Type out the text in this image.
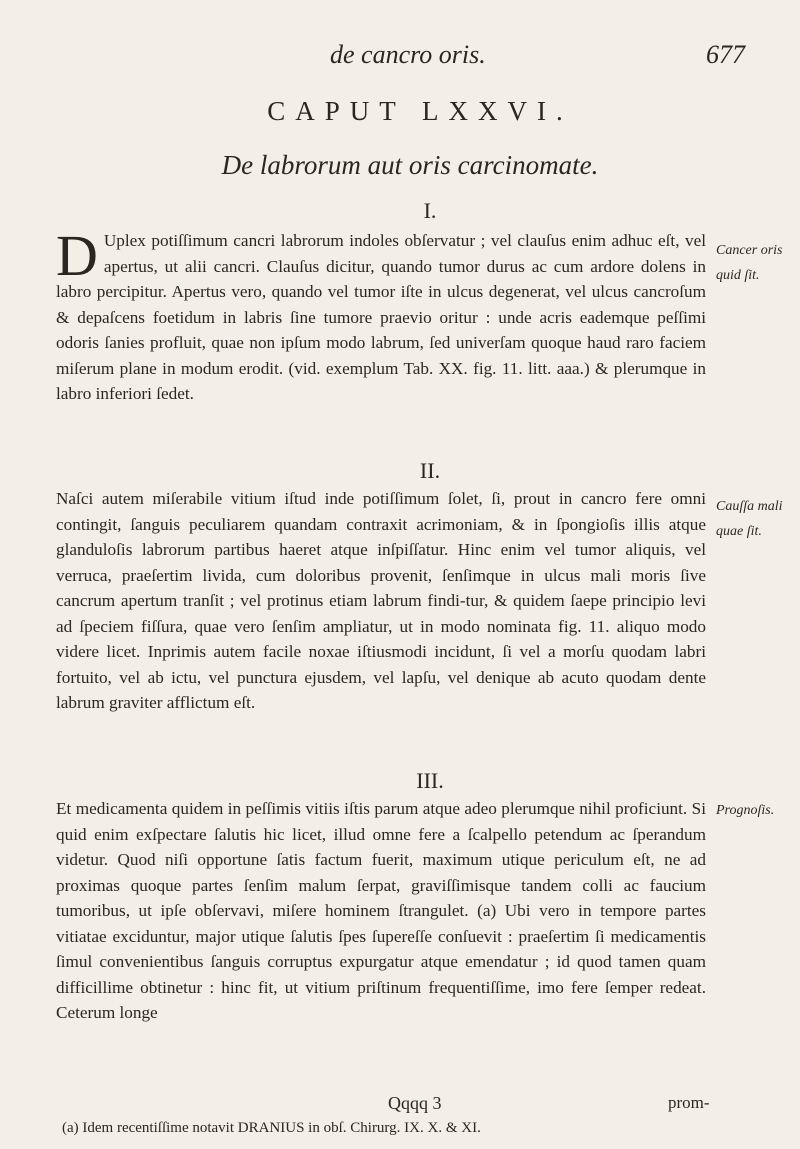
de cancro oris.	677
CAPUT LXXVI.
De labrorum aut oris carcinomate.
I.

D Uplex potiſſimum cancri labrorum indoles obſervatur ; vel clauſus enim adhuc eſt, vel apertus, ut alii cancri. Clauſus dicitur, quando tumor durus ac cum ardore dolens in labro percipitur. Apertus vero, quando vel tumor iſte in ulcus degenerat, vel ulcus cancroſum & depaſcens foetidum in labris ſine tumore praevio oritur : unde acris eademque peſſimi odoris ſanies profluit, quae non ipſum modo labrum, ſed univerſam quoque haud raro faciem miſerum plane in modum erodit. (vid. exemplum Tab. XX. fig. 11. litt. aaa.) & plerumque in labro inferiori ſedet.

II.

Naſci autem miſerabile vitium iſtud inde potiſſimum ſolet, ſi, prout in cancro fere omni contingit, ſanguis peculiarem quandam contraxit acrimoniam, & in ſpongioſis illis atque glanduloſis labrorum partibus haeret atque inſpiſſatur. Hinc enim vel tumor aliquis, vel verruca, praeſertim livida, cum doloribus provenit, ſenſimque in ulcus mali moris ſive cancrum apertum tranſit ; vel protinus etiam labrum findi-tur, & quidem ſaepe principio levi ad ſpeciem fiſſura, quae vero ſenſim ampliatur, ut in modo nominata fig. 11. aliquo modo videre licet. Inprimis autem facile noxae iſtiusmodi incidunt, ſi vel a morſu quodam labri fortuito, vel ab ictu, vel punctura ejusdem, vel lapſu, vel denique ab acuto quodam dente labrum graviter afflictum eſt.

III.

Et medicamenta quidem in peſſimis vitiis iſtis parum atque adeo plerumque nihil proficiunt. Si quid enim exſpectare ſalutis hic licet, illud omne fere a ſcalpello petendum ac ſperandum videtur. Quod niſi opportune ſatis factum fuerit, maximum utique periculum eſt, ne ad proximas quoque partes ſenſim malum ſerpat, graviſſimisque tandem colli ac faucium tumoribus, ut ipſe obſervavi, miſere hominem ſtrangulet. (a) Ubi vero in tempore partes vitiatae exciduntur, major utique ſalutis ſpes ſupereſſe conſuevit : praeſertim ſi medicamentis ſimul convenientibus ſanguis corruptus expurgatur atque emendatur ; id quod tamen quam difficillime obtinetur : hinc fit, ut vitium priſtinum frequentiſſime, imo fere ſemper redeat. Ceterum longe

Cancer oris
quid ſit.
Cauſſa mali
quae ſit.
Prognoſis.
Qqqq 3	prom-
(a) Idem recentiſſime notavit DRANIUS in obſ. Chirurg. IX. X. & XI.
